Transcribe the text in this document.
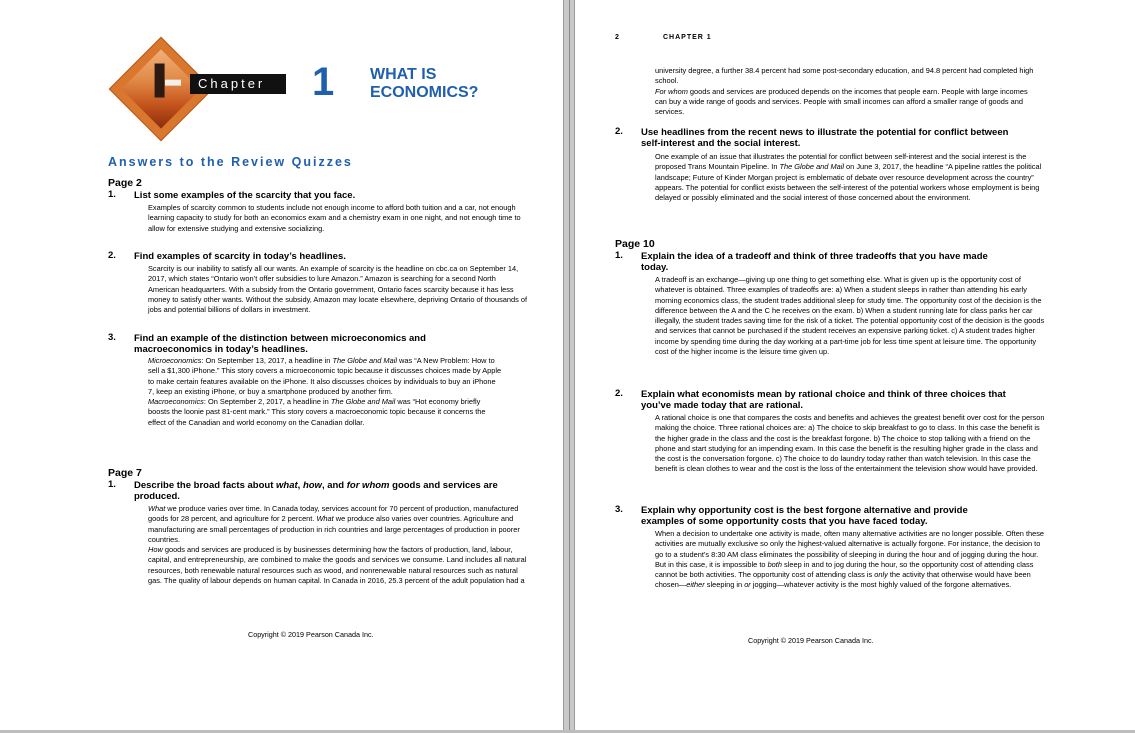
Chapter	1 WHAT IS
ECONOMICS?
Answers to the Review Quizzes
Page 2
1. List some examples of the scarcity that you face.
Examples of scarcity common to students include not enough income to afford both tuition and a car, not enough learning capacity to study for both an economics exam and a chemistry exam in one night, and not enough time to allow for extensive studying and extensive socializing.
2. Find examples of scarcity in today’s headlines.
Scarcity is our inability to satisfy all our wants. An example of scarcity is the headline on cbc.ca on September 14, 2017, which states “Ontario won’t offer subsidies to lure Amazon.” Amazon is searching for a second North American headquarters. With a subsidy from the Ontario government, Ontario faces scarcity because it has less money to satisfy other wants. Without the subsidy, Amazon may locate elsewhere, depriving Ontario of thousands of jobs and potential billions of dollars in investment.
3. Find an example of the distinction between microeconomics and
macroeconomics in today’s headlines.
Microeconomics: On September 13, 2017, a headline in The Globe and Mail was “A New Problem: How to sell a $1,300 iPhone.” This story covers a microeconomic topic because it discusses choices made by Apple to make certain features available on the iPhone. It also discusses choices by individuals to buy an iPhone 7, keep an existing iPhone, or buy a smartphone produced by another firm.
Macroeconomics: On September 2, 2017, a headline in The Globe and Mail was “Hot economy briefly boosts the loonie past 81-cent mark.” This story covers a macroeconomic topic because it concerns the effect of the Canadian and world economy on the Canadian dollar.
Page 7
1. Describe the broad facts about what, how, and for whom goods and services are produced.
What we produce varies over time. In Canada today, services account for 70 percent of production, manufactured goods for 28 percent, and agriculture for 2 percent. What we produce also varies over countries. Agriculture and manufacturing are small percentages of production in rich countries and large percentages of production in poorer countries.
How goods and services are produced is by businesses determining how the factors of production, land, labour, capital, and entrepreneurship, are combined to make the goods and services we consume. Land includes all natural resources, both renewable natural resources such as wood, and nonrenewable natural resources such as natural gas. The quality of labour depends on human capital. In Canada in 2016, 25.3 percent of the adult population had a
Copyright © 2019 Pearson Canada Inc.
2	CHAPTER 1
university degree, a further 38.4 percent had some post-secondary education, and 94.8 percent had completed high school.
For whom goods and services are produced depends on the incomes that people earn. People with large incomes can buy a wide range of goods and services. People with small incomes can afford a smaller range of goods and services.
2. Use headlines from the recent news to illustrate the potential for conflict between
self-interest and the social interest.
One example of an issue that illustrates the potential for conflict between self-interest and the social interest is the proposed Trans Mountain Pipeline. In The Globe and Mail on June 3, 2017, the headline “A pipeline rattles the political landscape; Future of Kinder Morgan project is emblematic of debate over resource development across the country” appears. The potential for conflict exists between the self-interest of the potential workers whose employment is being delayed or possibly eliminated and the social interest of those concerned about the environment.
Page 10
1. Explain the idea of a tradeoff and think of three tradeoffs that you have made
today.
A tradeoff is an exchange—giving up one thing to get something else. What is given up is the opportunity cost of whatever is obtained. Three examples of tradeoffs are: a) When a student sleeps in rather than attending his early morning economics class, the student trades additional sleep for study time. The opportunity cost of the decision is the difference between the A and the C he receives on the exam. b) When a student running late for class parks her car illegally, the student trades saving time for the risk of a ticket. The potential opportunity cost of the decision is the goods and services that cannot be purchased if the student receives an expensive parking ticket. c) A student trades higher income by spending time during the day working at a part-time job for less time spent at leisure time. The opportunity cost of the higher income is the leisure time given up.
2. Explain what economists mean by rational choice and think of three choices that
you’ve made today that are rational.
A rational choice is one that compares the costs and benefits and achieves the greatest benefit over cost for the person making the choice. Three rational choices are: a) The choice to skip breakfast to go to class. In this case the benefit is the higher grade in the class and the cost is the breakfast forgone. b) The choice to stop talking with a friend on the phone and start studying for an impending exam. In this case the benefit is the resulting higher grade in the class and the cost is the conversation forgone. c) The choice to do laundry today rather than watch television. In this case the benefit is clean clothes to wear and the cost is the loss of the entertainment the television show would have provided.
3. Explain why opportunity cost is the best forgone alternative and provide
examples of some opportunity costs that you have faced today.
When a decision to undertake one activity is made, often many alternative activities are no longer possible. Often these activities are mutually exclusive so only the highest-valued alternative is actually forgone. For instance, the decision to go to a student’s 8:30 AM class eliminates the possibility of sleeping in during the hour and of jogging during the hour. But in this case, it is impossible to both sleep in and to jog during the hour, so the opportunity cost of attending class cannot be both activities. The opportunity cost of attending class is only the activity that otherwise would have been chosen—either sleeping in or jogging—whatever activity is the most highly valued of the forgone alternatives.
Copyright © 2019 Pearson Canada Inc.
